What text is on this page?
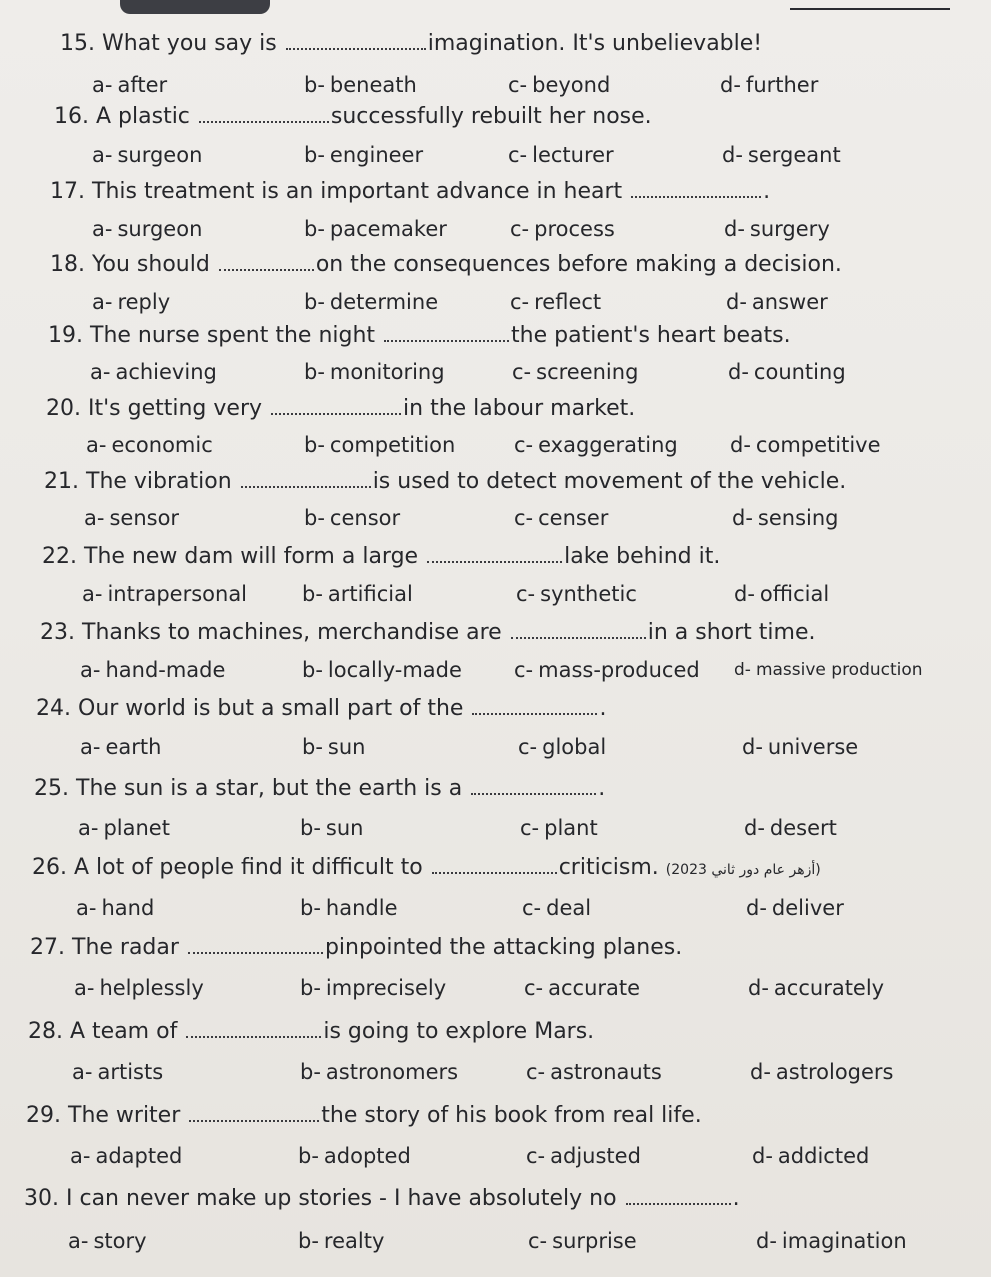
15. What you say is	imagination. It's unbelievable!
a- after	b- beneath	c- beyond	d- further
16. A plastic	successfully rebuilt her nose.
a- surgeon	b- engineer	c- lecturer	d- sergeant
17. This treatment is an important advance in heart	.
a- surgeon	b- pacemaker	c- process	d- surgery
18. You should	on the consequences before making a decision.
a- reply	b- determine	c- reflect	d- answer
19. The nurse spent the night	the patient's heart beats.
a- achieving	b- monitoring	c- screening	d- counting
20. It's getting very	in the labour market.
a- economic	b- competition	c- exaggerating d- competitive
21. The vibration	is used to detect movement of the vehicle.
a- sensor	b- censor	c- censer	d- sensing
22. The new dam will form a large	lake behind it.
a- intrapersonal	b- artificial	c- synthetic	d- official
23. Thanks to machines, merchandise are	in a short time.
a- hand-made	b- locally-made c- mass-produced d- massive production
24. Our world is but a small part of the	.
a- earth	b- sun	c- global	d- universe
25. The sun is a star, but the earth is a	.
a- planet	b- sun	c- plant	d- desert
26. A lot of people find it difficult to	criticism. (2023 أزهر عام دور ثاني)
a- hand	b- handle	c- deal	d- deliver
27. The radar	pinpointed the attacking planes.
a- helplessly	b- imprecisely	c- accurate	d- accurately
28. A team of	is going to explore Mars.
a- artists	b- astronomers	c- astronauts	d- astrologers
29. The writer	the story of his book from real life.
a- adapted	b- adopted	c- adjusted	d- addicted
30. I can never make up stories - I have absolutely no	.
a- story	b- realty	c- surprise	d- imagination
